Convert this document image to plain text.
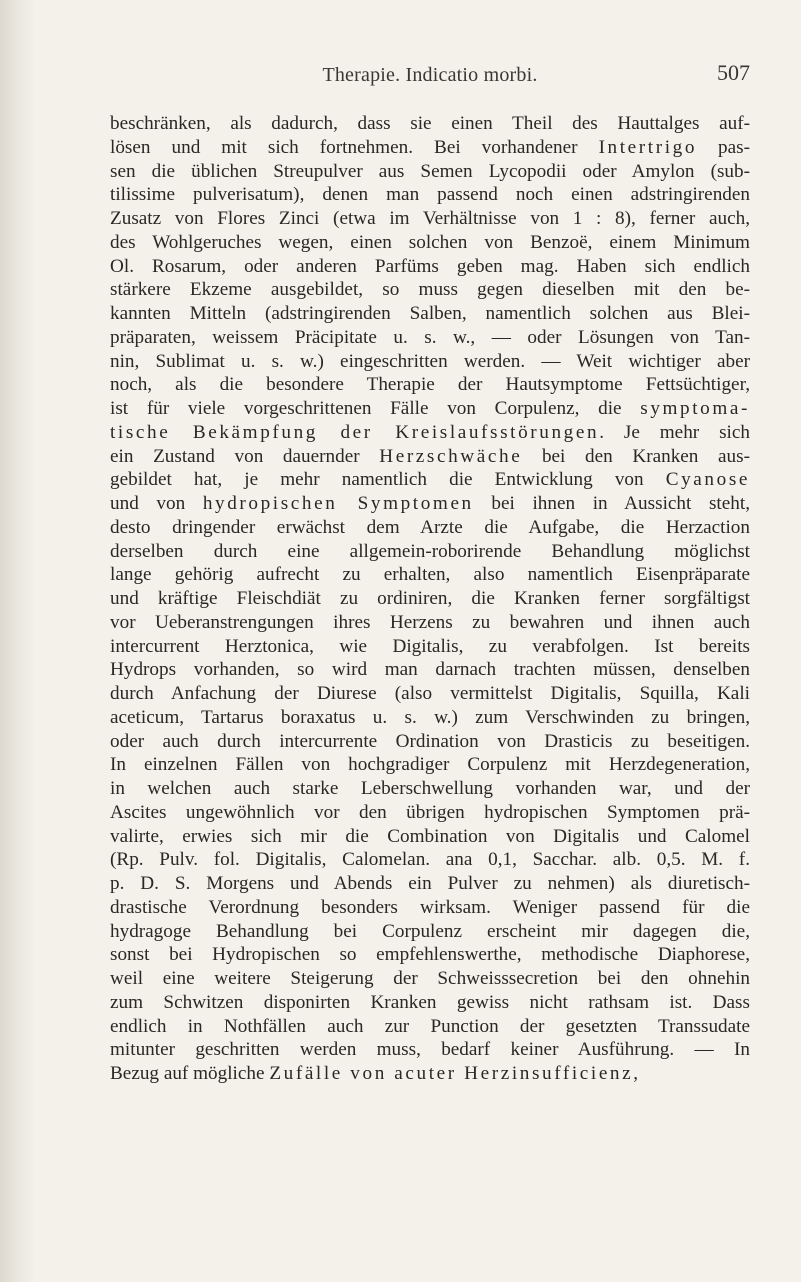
Therapie. Indicatio morbi.	507
beschränken, als dadurch, dass sie einen Theil des Hauttalges auf-
lösen und mit sich fortnehmen. Bei vorhandener Intertrigo pas-
sen die üblichen Streupulver aus Semen Lycopodii oder Amylon (sub-
tilissime pulverisatum), denen man passend noch einen adstringirenden
Zusatz von Flores Zinci (etwa im Verhältnisse von 1 : 8), ferner auch,
des Wohlgeruches wegen, einen solchen von Benzoë, einem Minimum
Ol. Rosarum, oder anderen Parfüms geben mag. Haben sich endlich
stärkere Ekzeme ausgebildet, so muss gegen dieselben mit den be-
kannten Mitteln (adstringirenden Salben, namentlich solchen aus Blei-
präparaten, weissem Präcipitate u. s. w., — oder Lösungen von Tan-
nin, Sublimat u. s. w.) eingeschritten werden. — Weit wichtiger aber
noch, als die besondere Therapie der Hautsymptome Fettsüchtiger,
ist für viele vorgeschrittenen Fälle von Corpulenz, die symptoma-
tische Bekämpfung der Kreislaufsstörungen. Je mehr sich
ein Zustand von dauernder Herzschwäche bei den Kranken aus-
gebildet hat, je mehr namentlich die Entwicklung von Cyanose
und von hydropischen Symptomen bei ihnen in Aussicht steht,
desto dringender erwächst dem Arzte die Aufgabe, die Herzaction
derselben durch eine allgemein-roborirende Behandlung möglichst
lange gehörig aufrecht zu erhalten, also namentlich Eisenpräparate
und kräftige Fleischdiät zu ordiniren, die Kranken ferner sorgfältigst
vor Ueberanstrengungen ihres Herzens zu bewahren und ihnen auch
intercurrent Herztonica, wie Digitalis, zu verabfolgen. Ist bereits
Hydrops vorhanden, so wird man darnach trachten müssen, denselben
durch Anfachung der Diurese (also vermittelst Digitalis, Squilla, Kali
aceticum, Tartarus boraxatus u. s. w.) zum Verschwinden zu bringen,
oder auch durch intercurrente Ordination von Drasticis zu beseitigen.
In einzelnen Fällen von hochgradiger Corpulenz mit Herzdegeneration,
in welchen auch starke Leberschwellung vorhanden war, und der
Ascites ungewöhnlich vor den übrigen hydropischen Symptomen prä-
valirte, erwies sich mir die Combination von Digitalis und Calomel
(Rp. Pulv. fol. Digitalis, Calomelan. ana 0,1, Sacchar. alb. 0,5. M. f.
p. D. S. Morgens und Abends ein Pulver zu nehmen) als diuretisch-
drastische Verordnung besonders wirksam. Weniger passend für die
hydragoge Behandlung bei Corpulenz erscheint mir dagegen die,
sonst bei Hydropischen so empfehlenswerthe, methodische Diaphorese,
weil eine weitere Steigerung der Schweisssecretion bei den ohnehin
zum Schwitzen disponirten Kranken gewiss nicht rathsam ist. Dass
endlich in Nothfällen auch zur Punction der gesetzten Transsudate
mitunter geschritten werden muss, bedarf keiner Ausführung. — In
Bezug auf mögliche Zufälle von acuter Herzinsufficienz,
